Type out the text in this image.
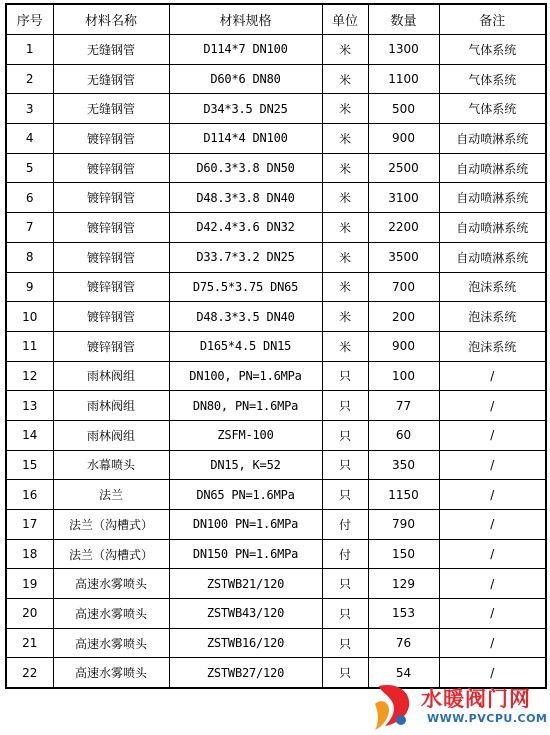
序号	材料名称	材料规格	单位	数量	备注
1	无缝钢管	D114*7 DN100	米	1300	气体系统
2	无缝钢管	D60*6 DN80	米	1100	气体系统
3	无缝钢管	D34*3.5 DN25	米	500	气体系统
4	镀锌钢管	D114*4 DN100	米	900	自动喷淋系统
5	镀锌钢管	D60.3*3.8 DN50	米	2500	自动喷淋系统
6	镀锌钢管	D48.3*3.8 DN40	米	3100	自动喷淋系统
7	镀锌钢管	D42.4*3.6 DN32	米	2200	自动喷淋系统
8	镀锌钢管	D33.7*3.2 DN25	米	3500	自动喷淋系统
9	镀锌钢管	D75.5*3.75 DN65	米	700	泡沫系统
10	镀锌钢管	D48.3*3.5 DN40	米	200	泡沫系统
11	镀锌钢管	D165*4.5 DN15	米	900	泡沫系统
12	雨林阀组	DN100, PN=1.6MPa	只	100	/
13	雨林阀组	DN80, PN=1.6MPa	只	77	/
14	雨林阀组	ZSFM-100	只	60	/
15	水幕喷头	DN15, K=52	只	350	/
16	法兰	DN65 PN=1.6MPa	只	1150	/
17	法兰（沟槽式）	DN100 PN=1.6MPa	付	790	/
18	法兰（沟槽式）	DN150 PN=1.6MPa	付	150	/
19	高速水雾喷头	ZSTWB21/120	只	129	/
20	高速水雾喷头	ZSTWB43/120	只	153	/
21	高速水雾喷头	ZSTWB16/120	只	76	/
22	高速水雾喷头	ZSTWB27/120	只	54	/
水暖阀门网
WWW.PVCPU.COM
